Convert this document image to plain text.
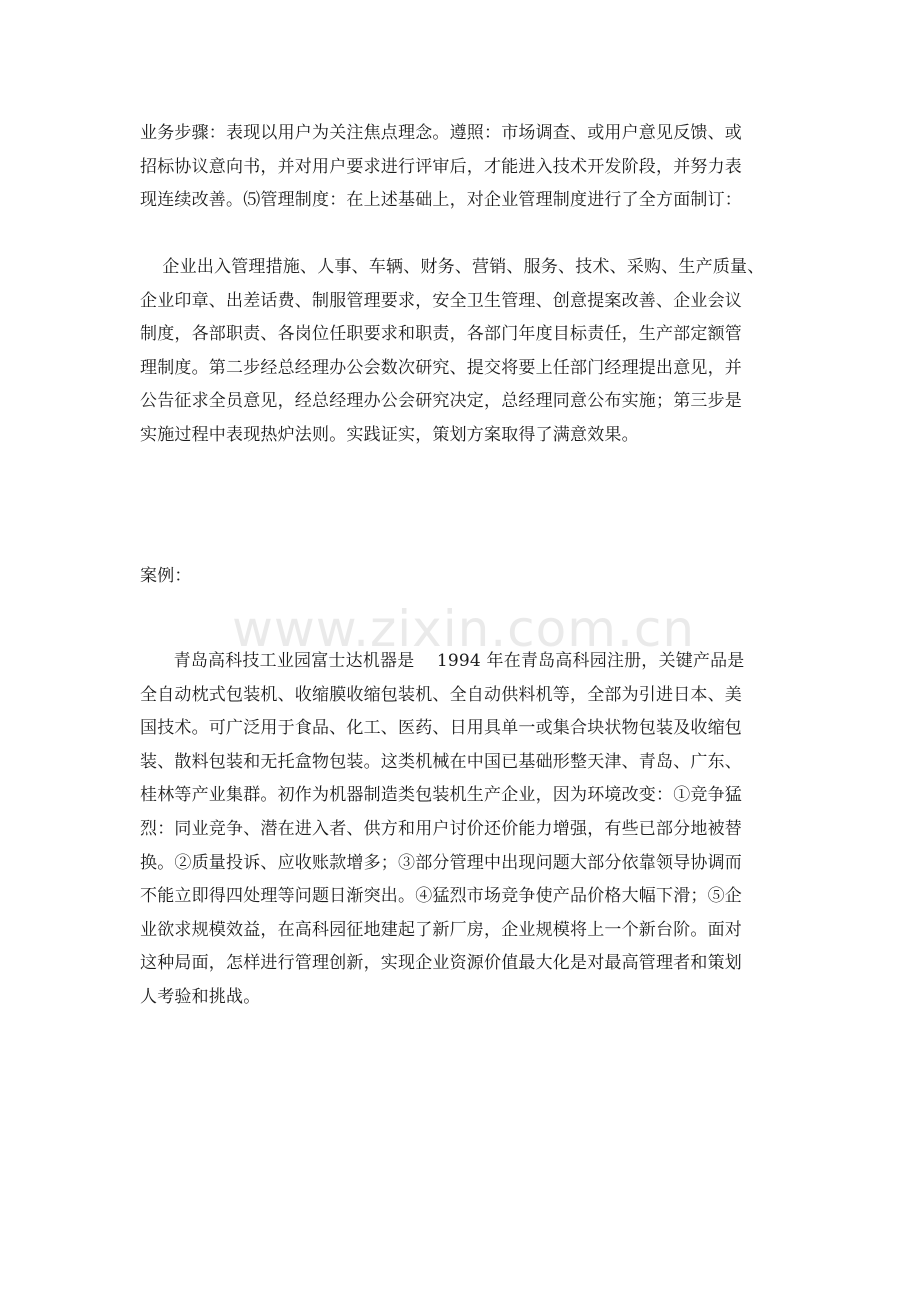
www.zixin.com.cn

业务步骤：表现以用户为关注焦点理念。遵照：市场调查、或用户意见反馈、或
招标协议意向书，并对用户要求进行评审后，才能进入技术开发阶段，并努力表
现连续改善。⑸管理制度：在上述基础上，对企业管理制度进行了全方面制订：

企业出入管理措施、人事、车辆、财务、营销、服务、技术、采购、生产质量、
企业印章、出差话费、制服管理要求，安全卫生管理、创意提案改善、企业会议
制度，各部职责、各岗位任职要求和职责，各部门年度目标责任，生产部定额管
理制度。第二步经总经理办公会数次研究、提交将要上任部门经理提出意见，并
公告征求全员意见，经总经理办公会研究决定，总经理同意公布实施；第三步是
实施过程中表现热炉法则。实践证实，策划方案取得了满意效果。

案例：

青岛高科技工业园富士达机器是    1994 年在青岛高科园注册，关键产品是
全自动枕式包装机、收缩膜收缩包装机、全自动供料机等，全部为引进日本、美
国技术。可广泛用于食品、化工、医药、日用具单一或集合块状物包装及收缩包
装、散料包装和无托盒物包装。这类机械在中国已基础形整天津、青岛、广东、
桂林等产业集群。初作为机器制造类包装机生产企业，因为环境改变：①竞争猛
烈：同业竞争、潜在进入者、供方和用户讨价还价能力增强，有些已部分地被替
换。②质量投诉、应收账款增多；③部分管理中出现问题大部分依靠领导协调而
不能立即得四处理等问题日渐突出。④猛烈市场竞争使产品价格大幅下滑；⑤企
业欲求规模效益，在高科园征地建起了新厂房，企业规模将上一个新台阶。面对
这种局面，怎样进行管理创新，实现企业资源价值最大化是对最高管理者和策划
人考验和挑战。
